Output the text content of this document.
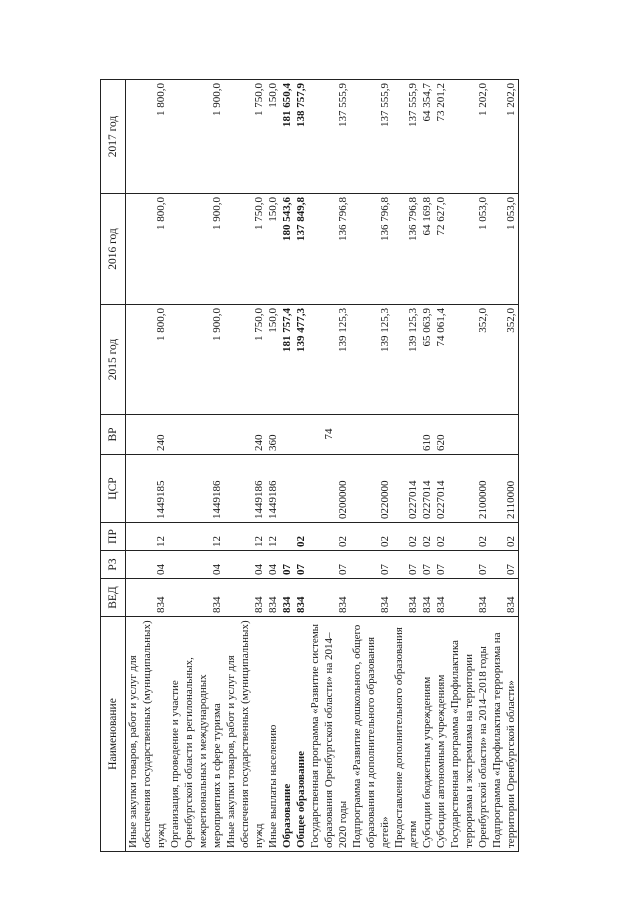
74
Наименование	ВЕД	РЗ	ПР	ЦСР	ВР	2015 год	2016 год	2017 год
Иные закупки товаров, работ и услуг для обеспечения государственных (муниципальных) нужд	834	04	12	1449185	240	1 800,0	1 800,0	1 800,0
Организация, проведение и участие Оренбургской области в регилональных, межрегиональных и международных мероприятиях в сфере туризма	834	04	12	1449186		1 900,0	1 900,0	1 900,0
Иные закупки товаров, работ и услуг для обеспечения государственных (муниципальных) нужд	834	04	12	1449186	240	1 750,0	1 750,0	1 750,0
Иные выплаты населению	834	04	12	1449186	360	150,0	150,0	150,0
Образование	834	07				181 757,4	180 543,6	181 650,4
Общее образование	834	07	02			139 477,3	137 849,8	138 757,9
Государственная программа «Развитие системы образования Оренбургской области» на 2014–2020 годы	834	07	02	0200000		139 125,3	136 796,8	137 555,9
Подпрограмма «Развитие дошкольного, общего образования и дополнительного образования детей»	834	07	02	0220000		139 125,3	136 796,8	137 555,9
Предоставление дополнительного образования детям	834	07	02	0227014		139 125,3	136 796,8	137 555,9
Субсидии бюджетным учреждениям	834	07	02	0227014	610	65 063,9	64 169,8	64 354,7
Субсидии автономным учреждениям	834	07	02	0227014	620	74 061,4	72 627,0	73 201,2
Государственная программа «Профилактика терроризма и экстремизма на территории Оренбургской области» на 2014–2018 годы	834	07	02	2100000		352,0	1 053,0	1 202,0
Подпрограмма «Профилактика терроризма на территории Оренбургской области»	834	07	02	2110000		352,0	1 053,0	1 202,0
